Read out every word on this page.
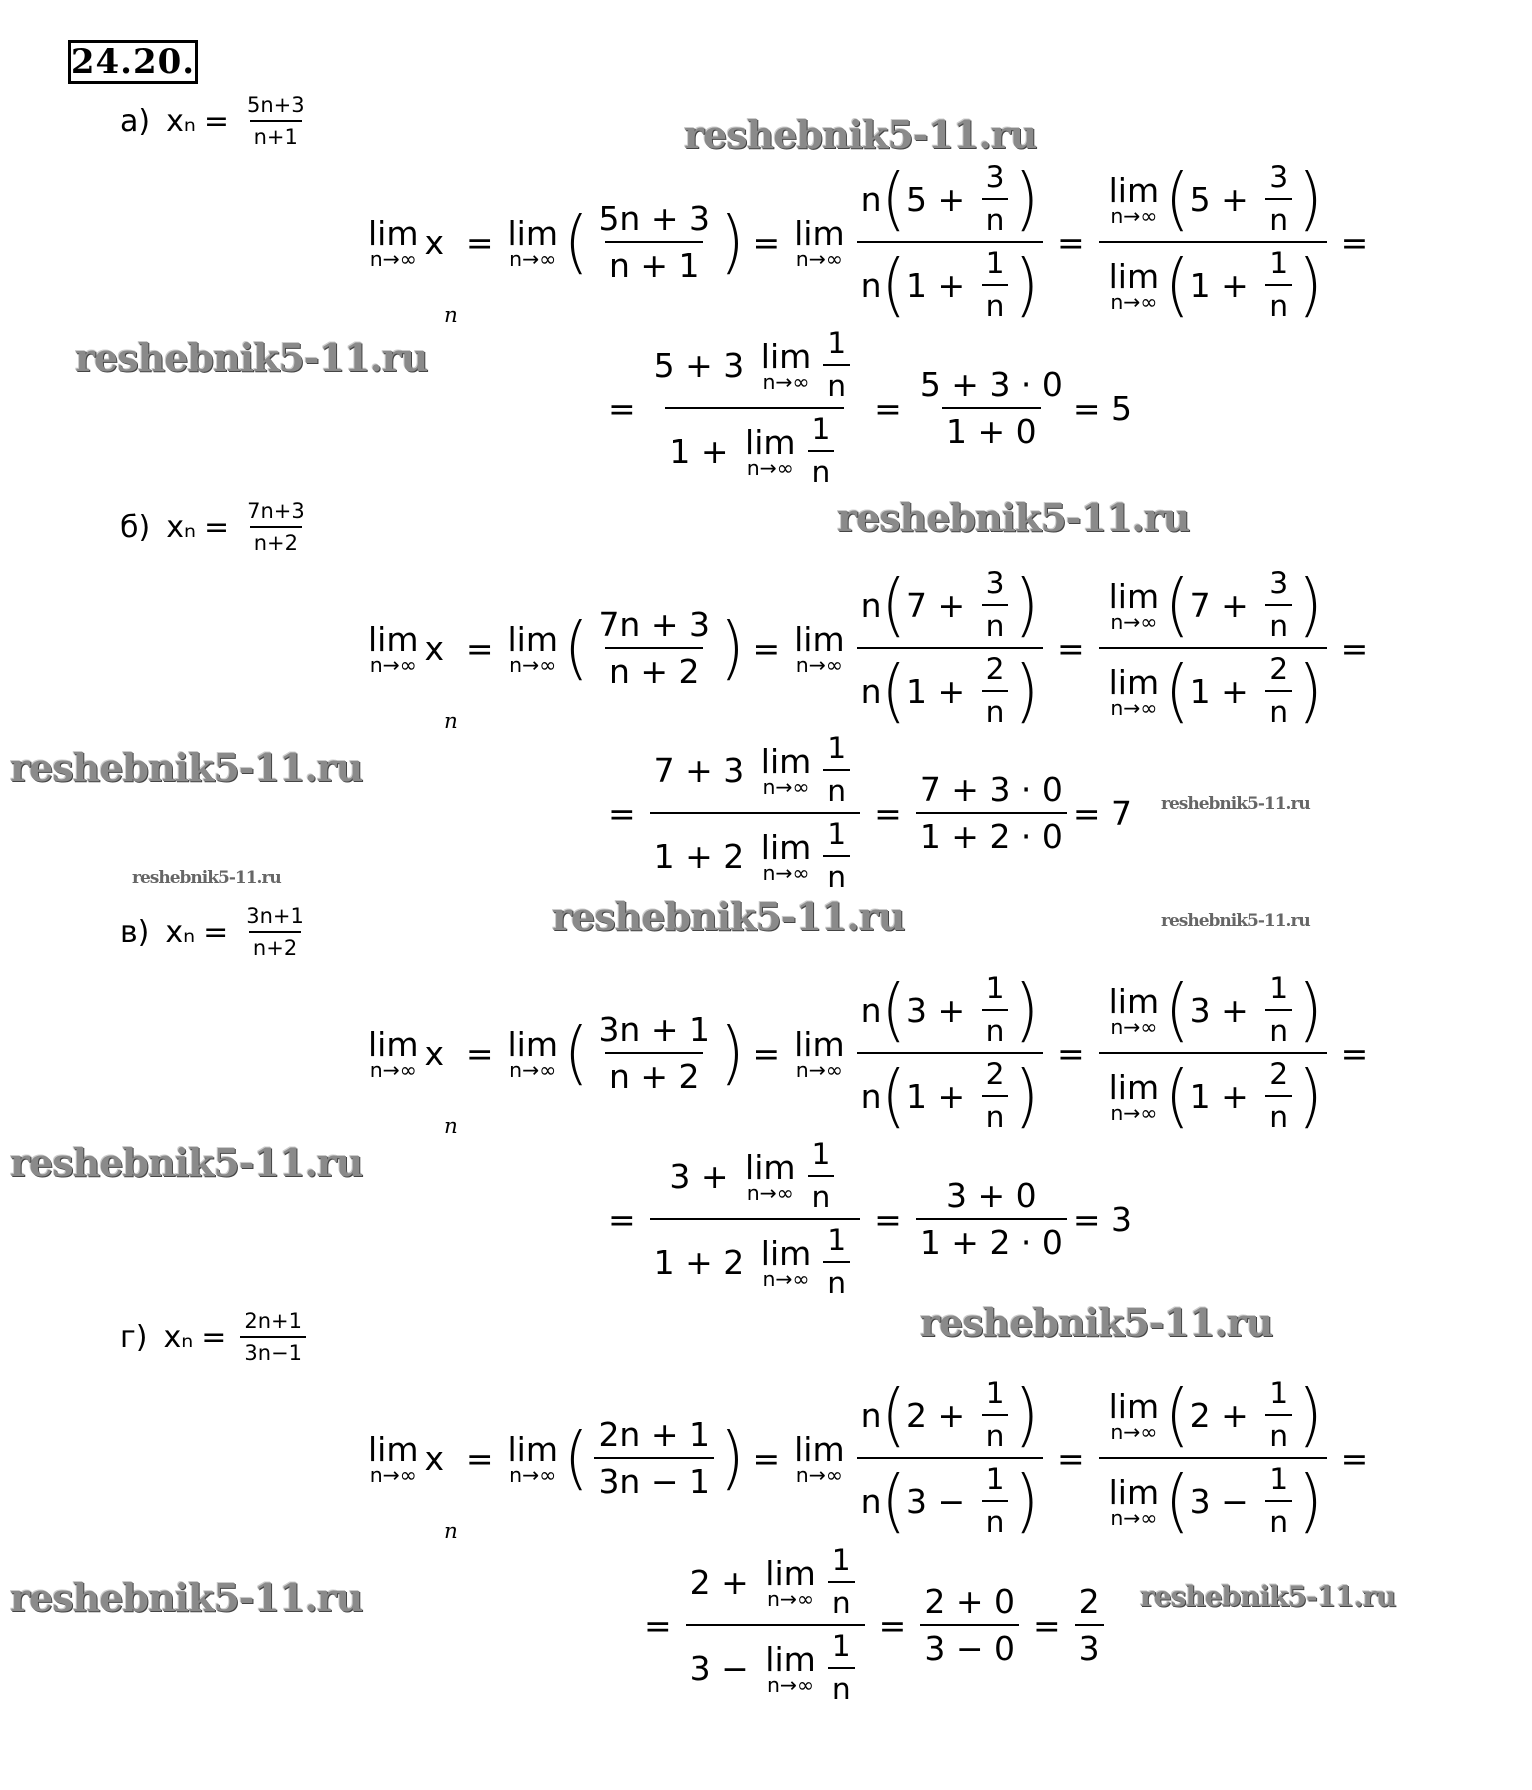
24.20.
а) $x_n = \frac{5n+3}{n+1}$
lim
n→∞ x
n
= lim
n→∞ ( $\frac{5n + 3}{n + 1}$ ) = lim
$n\to\infty \frac{n ( 5 + \frac{3}{n} )}{n ( 1 + \frac{1}{n} )} = \lim$
n→∞ ( $5 + \frac{3}{n}$ )
lim
n→∞ ( $1 + \frac{1}{n}$ ) =
= 5 + 3 lim
$n\to\infty \frac{1}{n}$
1 + lim
$n\to\infty \frac{1}{n} = \frac{5 + 3 \cdot 0}{1 + 0} = 5$
б) $x_n = \frac{7n+3}{n+2}$
lim
n→∞ x
n
= lim
n→∞ ( $\frac{7n + 3}{n + 2}$ ) = lim
$n\to\infty \frac{n ( 7 + \frac{3}{n} )}{n ( 1 + \frac{2}{n} )} = \lim$
n→∞ ( $7 + \frac{3}{n}$ )
lim
n→∞ ( $1 + \frac{2}{n}$ ) =
= 7 + 3 lim
$n\to\infty \frac{1}{n}$
1 + 2 lim
$n\to\infty \frac{1}{n} = \frac{7 + 3 \cdot 0}{1 + 2 \cdot 0} = 7$
в) $x_n = \frac{3n+1}{n+2}$
lim
n→∞ x
n
= lim
n→∞ ( $\frac{3n + 1}{n + 2}$ ) = lim
$n\to\infty \frac{n ( 3 + \frac{1}{n} )}{n ( 1 + \frac{2}{n} )} = \lim$
n→∞ ( $3 + \frac{1}{n}$ )
lim
n→∞ ( $1 + \frac{2}{n}$ ) =
= 3 + lim
$n\to\infty \frac{1}{n}$
1 + 2 lim
$n\to\infty \frac{1}{n} = \frac{3 + 0}{1 + 2 \cdot 0} = 3$
г) $x_n = \frac{2n+1}{3n-1}$
lim
n→∞ x
n
= lim
n→∞ ( $\frac{2n + 1}{3n - 1}$ ) = lim
$n\to\infty \frac{n ( 2 + \frac{1}{n} )}{n ( 3 - \frac{1}{n} )} = \lim$
n→∞ ( $2 + \frac{1}{n}$ )
lim
n→∞ ( $3 - \frac{1}{n}$ ) =
= 2 + lim
$n\to\infty \frac{1}{n}$
3 − lim
$n\to\infty \frac{1}{n} = \frac{2 + 0}{3 - 0} = \frac{2}{3}$
reshebnik5-11.ru
reshebnik5-11.ru
reshebnik5-11.ru
reshebnik5-11.ru
reshebnik5-11.ru
reshebnik5-11.ru
reshebnik5-11.ru	reshebnik5-11.ru
reshebnik5-11.ru
reshebnik5-11.ru
reshebnik5-11.ru	reshebnik5-11.ru
